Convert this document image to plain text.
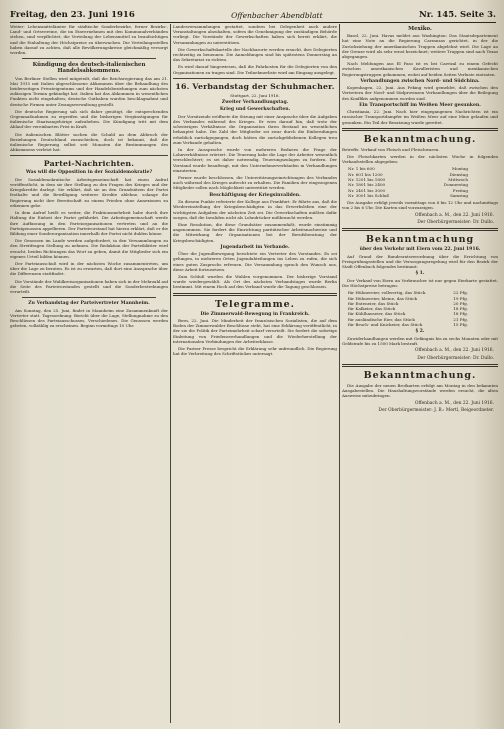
Freitag, den 23. Juni 1916	Offenbacher Abendblatt	Nr. 145. Seite 3.

Weiter: Lebensmittelämter für städtische Sonderbezirke, ferner Bezirks-, Land- und Ortsvereine, die im Einvernehmen mit den Kommunalverbänden stehen, sind verpflichtet, die Verteilung der Lebensmittel zu beaufsichtigen und die Einhaltung der Höchstpreise zu überwachen. Die Verteilungsstellen haben darauf zu achten, daß alle Bevölkerungskreise gleichmäßig versorgt werden.

Kündigung des deutsch-italienischen Handelsabkommens.

Von Berliner Stellen wird mitgeteilt, daß die Reichsregierung das am 21. Mai 1915 mit Italien abgeschlossene Abkommen über die Behandlung des beiderseitigen Privateigentums und der Handelsbeziehungen zum nächsten zulässigen Termin gekündigt hat. Italien hat das Abkommen in wesentlichen Punkten nicht eingehalten; deutsche Guthaben wurden beschlagnahmt und deutsche Firmen unter Zwangsverwaltung gestellt.

Die deutsche Regierung sah sich daher genötigt, die entsprechenden Gegenmaßnahmen zu ergreifen und die bisherigen Vergünstigungen für italienische Staatsangehörige aufzuheben. Die Kündigung tritt mit dem Ablauf der vereinbarten Frist in Kraft.

Die italienischen Blätter suchen die Schuld an dem Abbruch der Beziehungen Deutschland zuzuschieben, doch ist bekannt, daß die italienische Regierung selbst seit Monaten die Bestimmungen des Abkommens verletzt hat.

Partei-Nachrichten.
Was will die Opposition in der Sozialdemokratie?

Die Sozialdemokratische Arbeitsgemeinschaft hat einen Aufruf veröffentlicht, in dem sie ihre Stellung zu den Fragen des Krieges und der Kriegskredite darlegt. Sie erklärt, daß sie an den Grundsätzen der Partei festhalte und die Bewilligung weiterer Kredite ablehne, solange die Regierung nicht ihre Bereitschaft zu einem Frieden ohne Annexionen zu erkennen gebe.

In dem Aufruf heißt es weiter, die Fraktionsmehrheit habe durch ihre Haltung die Einheit der Partei gefährdet. Die Arbeitsgemeinschaft werde ihre Auffassung in den Parteiorganisationen vertreten und an die Parteigenossen appellieren. Der Parteivorstand hat hierzu erklärt, daß er die Bildung einer Sonderorganisation innerhalb der Partei nicht dulden könne.

Die Genossen im Lande werden aufgefordert, in den Versammlungen zu den Streitfragen Stellung zu nehmen. Die Redaktion der Parteiblätter wird ersucht, beiden Richtungen das Wort zu geben, damit die Mitglieder sich ein eigenes Urteil bilden können.

Der Parteiausschuß wird in der nächsten Woche zusammentreten, um über die Lage zu beraten. Es ist zu erwarten, daß dort eine Aussprache über die Differenzen stattfindet.

Die Vorstände der Wahlkreisorganisationen haben sich in der Mehrzahl auf die Seite des Parteivorstandes gestellt und die Sonderbestrebungen verurteilt.

Zu Verbandstag der Parteivertreter Mannheim.

Am Sonntag, den 25. Juni, findet in Mannheim eine Zusammenkunft der Vertreter statt. Tagesordnung: Bericht über die Lage, Stellungnahme zu den Beschlüssen des Parteiausschusses, Verschiedenes. Die Genossen werden gebeten, vollzählig zu erscheinen. Beginn vormittags 10 Uhr.

Landesversammlungen gestattet, sondern bei Gelegenheit auch andere Veranstaltungen abzuhalten, sofern die Genehmigung der zuständigen Behörde vorliegt. Die Vorstände der Gewerkschaften haben sich bereit erklärt, die Versammlungen zu unterstützen.

Die Gewerkschaftskartelle der Nachbarorte werden ersucht, ihre Delegierten rechtzeitig zu benennen. Die Anmeldungen sind bis spätestens Donnerstag an das Sekretariat zu richten.

Es wird darauf hingewiesen, daß die Fahrkosten für die Delegierten von den Organisationen zu tragen sind. Die Teilnehmerliste wird am Eingang ausgelegt.

16. Verbandstag der Schuhmacher.

Stuttgart, 22. Juni 1916.

Zweiter Verhandlungstag.
Krieg und Gewerkschaften.

Der Vorsitzende eröffnete die Sitzung mit einer Ansprache über die Aufgaben des Verbandes während des Krieges. Er wies darauf hin, daß trotz der schwierigen Verhältnisse die Organisation ihren Bestand im wesentlichen behauptet habe. Die Zahl der Mitglieder sei zwar durch die Einberufungen erheblich zurückgegangen, doch hätten die zurückgebliebenen Kollegen treu zum Verbande gehalten.

In der Aussprache wurde von mehreren Rednern die Frage der Lohnverhältnisse erörtert. Die Teuerung habe die Lage der Arbeiter wesentlich verschlechtert; es sei daher notwendig, Teuerungszulagen zu fordern. Der Vorstand wurde beauftragt, mit den Unternehmerverbänden in Verhandlungen einzutreten.

Ferner wurde beschlossen, die Unterstützungseinrichtungen des Verbandes auch während des Krieges aufrecht zu erhalten. Die Familien der eingezogenen Mitglieder sollen nach Möglichkeit unterstützt werden.

Beschäftigung der Kriegsinvaliden.

Zu diesem Punkte referierte der Kollege aus Frankfurt. Er führte aus, daß die Wiedereinstellung der Kriegsbeschädigten in das Erwerbsleben eine der wichtigsten Aufgaben der nächsten Zeit sei. Die Gewerkschaften müßten dafür sorgen, daß die Invaliden nicht als Lohndrücker mißbraucht werden.

Eine Resolution, die diese Grundsätze zusammenfaßt, wurde einstimmig angenommen. Sie fordert die Einrichtung paritätischer Arbeitsnachweise und die Mitwirkung der Organisationen bei der Berufsberatung der Kriegsbeschädigten.

Jugendarbeit im Verbande.

Über die Jugendbewegung berichtete ein Vertreter des Vorstandes. Es sei gelungen, in mehreren Orten Jugendabteilungen ins Leben zu rufen, die sich eines guten Zuspruchs erfreuen. Die Versammlung sprach den Wunsch aus, diese Arbeit fortzusetzen.

Zum Schluß wurden die Wahlen vorgenommen. Der bisherige Vorstand wurde wiedergewählt. Als Ort des nächsten Verbandstages wurde Berlin bestimmt. Mit einem Hoch auf den Verband wurde die Tagung geschlossen.

Telegramme.
Die Zimmerwald-Bewegung in Frankreich.

Bern, 22. Juni. Die Minderheit der französischen Sozialisten, die auf dem Boden der Zimmerwalder Beschlüsse steht, hat eine Erklärung veröffentlicht, in der sie die Politik der Parteimehrheit scharf verurteilt. Sie fordert die sofortige Einleitung von Friedensverhandlungen und die Wiederherstellung der internationalen Verbindungen der Arbeiterklasse.

Die Pariser Presse bespricht die Erklärung sehr unfreundlich. Die Regierung hat die Verbreitung des Schriftstückes untersagt.

Mexiko.

Basel, 22. Juni. Havas meldet aus Washington: Das Staatsdepartement hat eine Note an die Regierung Carranzas gerichtet, in der die Zurückziehung der amerikanischen Truppen abgelehnt wird. Die Lage an der Grenze wird als sehr ernst bezeichnet; weitere Truppen sind nach Texas abgegangen.

Nach Meldungen aus El Paso ist es bei Carrizal zu einem Gefecht zwischen amerikanischen Kavalleristen und mexikanischen Regierungstruppen gekommen, wobei auf beiden Seiten Verluste eintraten.

Verhandlungen zwischen Nord- und Südchina.

Kopenhagen, 22. Juni. Aus Peking wird gemeldet, daß zwischen den Vertretern der Nord- und Südprovinzen Verhandlungen über die Beilegung des Konflikts aufgenommen worden sind.

Ein Transportschiff im Weißen Meer gesunken.

Christiania, 22. Juni. Nach hier eingegangenen Nachrichten ist ein russischer Transportdampfer im Weißen Meer auf eine Mine gelaufen und gesunken. Ein Teil der Besatzung wurde gerettet.

Bekanntmachung.

Betreffs: Verkauf von Fleisch und Fleischwaren.

Die Fleischkarten werden in der nächsten Woche in folgenden Verkaufsstellen abgegeben:

Nr. 1 bis 600	Montag
Nr. 601 bis 1200	Dienstag
Nr. 1201 bis 1800	Mittwoch
Nr. 1801 bis 2400	Donnerstag
Nr. 2401 bis 3000	Freitag
Nr. 3001 bis Schluß	Samstag

Die Ausgabe erfolgt jeweils vormittags von 8 bis 12 Uhr und nachmittags von 2 bis 6 Uhr. Die Karten sind vorzuzeigen.

Offenbach a. M., den 22. Juni 1916.
Der Oberbürgermeister: Dr. Dullo.
Bekanntmachung
über den Verkehr mit Eiern vom 22. Juni 1916.

Auf Grund der Bundesratsverordnung über die Errichtung von Preisprüfungsstellen und die Versorgungsregelung wird für den Bezirk der Stadt Offenbach folgendes bestimmt:

§ 1.

Der Verkauf von Eiern an Verbraucher ist nur gegen Eierkarte gestattet. Die Höchstpreise betragen:

für Hühnereier, vollwertig, das Stück	22 Pfg.
für Hühnereier, kleine, das Stück	19 Pfg.
für Enteneier, das Stück	20 Pfg.
für Kalkeier, das Stück	18 Pfg.
für Kühlhauseier, das Stück	18 Pfg.
für ausländische Eier, das Stück	21 Pfg.
für Bruch- und Knickeier, das Stück	15 Pfg.
§ 2.

Zuwiderhandlungen werden mit Gefängnis bis zu sechs Monaten oder mit Geldstrafe bis zu 1500 Mark bestraft.

Offenbach a. M., den 22. Juni 1916.
Der Oberbürgermeister: Dr. Dullo.
Bekanntmachung.

Die Ausgabe der neuen Brotkarten erfolgt am Montag in den bekannten Ausgabestellen. Die Haushaltungsvorstände werden ersucht, die alten Ausweise mitzubringen.

Offenbach a. M., den 22. Juni 1916.
Der Oberbürgermeister: J. B.: Mertl, Beigeordneter.
